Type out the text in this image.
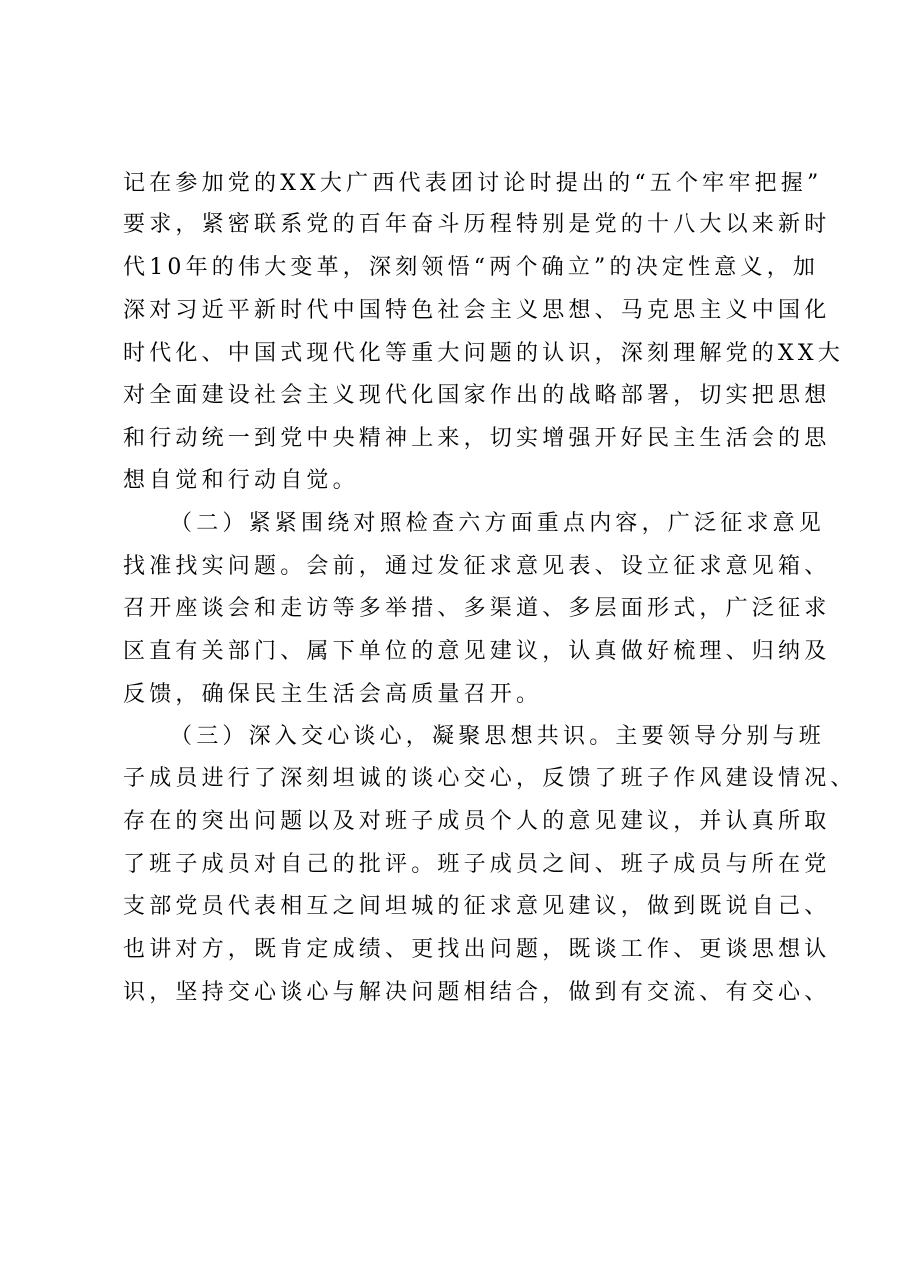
记在参加党的XX大广西代表团讨论时提出的“五个牢牢把握”
要求，紧密联系党的百年奋斗历程特别是党的十八大以来新时
代10年的伟大变革，深刻领悟“两个确立”的决定性意义，加
深对习近平新时代中国特色社会主义思想、马克思主义中国化
时代化、中国式现代化等重大问题的认识，深刻理解党的XX大
对全面建设社会主义现代化国家作出的战略部署，切实把思想
和行动统一到党中央精神上来，切实增强开好民主生活会的思
想自觉和行动自觉。
（二）紧紧围绕对照检查六方面重点内容，广泛征求意见
找准找实问题。会前，通过发征求意见表、设立征求意见箱、
召开座谈会和走访等多举措、多渠道、多层面形式，广泛征求
区直有关部门、属下单位的意见建议，认真做好梳理、归纳及
反馈，确保民主生活会高质量召开。
（三）深入交心谈心，凝聚思想共识。主要领导分别与班
子成员进行了深刻坦诚的谈心交心，反馈了班子作风建设情况、
存在的突出问题以及对班子成员个人的意见建议，并认真所取
了班子成员对自己的批评。班子成员之间、班子成员与所在党
支部党员代表相互之间坦城的征求意见建议，做到既说自己、
也讲对方，既肯定成绩、更找出问题，既谈工作、更谈思想认
识，坚持交心谈心与解决问题相结合，做到有交流、有交心、
